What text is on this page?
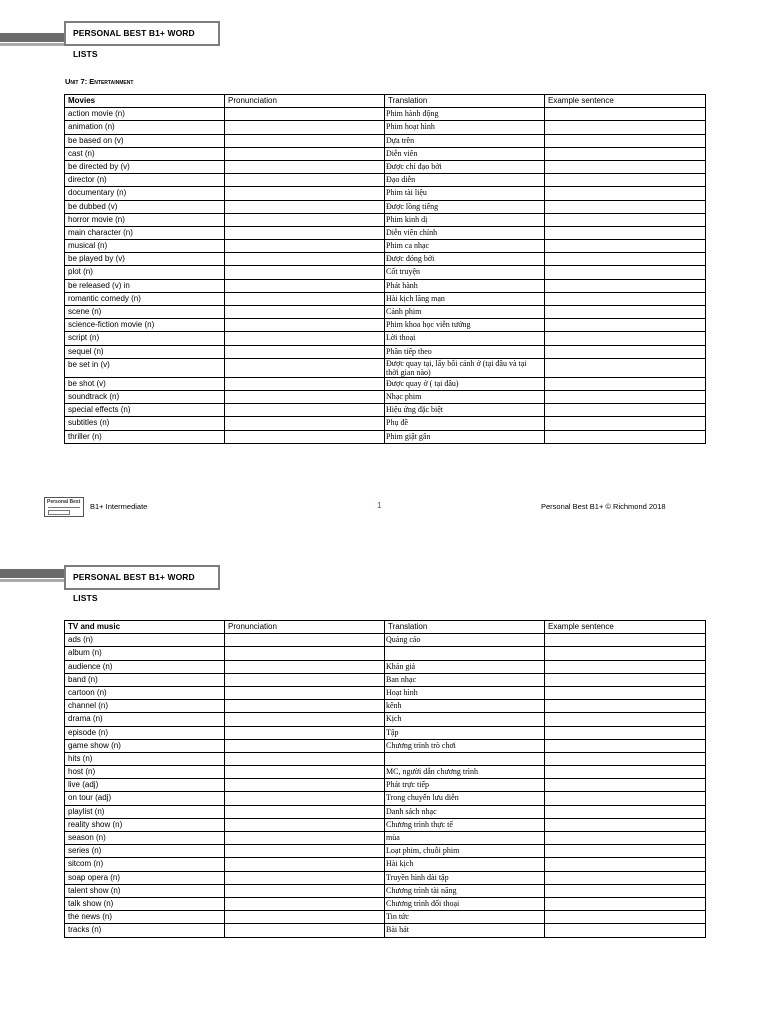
PERSONAL BEST B1+ WORD LISTS
Unit 7: Entertainment
Movies	Pronunciation	Translation	Example sentence
action movie (n)		Phim hành động	
animation (n)		Phim hoạt hình	
be based on (v)		Dựa trên	
cast (n)		Diễn viên	
be directed by (v)		Được chỉ đạo bởi	
director (n)		Đạo diễn	
documentary (n)		Phim tài liệu	
be dubbed (v)		Được lồng tiếng	
horror movie (n)		Phim kinh dị	
main character (n)		Diễn viên chính	
musical (n)		Phim ca nhạc	
be played by (v)		Được đóng bởi	
plot (n)		Cốt truyện	
be released (v) in		Phát hành	
romantic comedy (n)		Hài kịch lãng mạn	
scene (n)		Cảnh phim	
science-fiction movie (n)		Phim khoa học viễn tưởng	
script (n)		Lời thoại	
sequel (n)		Phần tiếp theo	
be set in (v)		Được quay tại, lấy bối cảnh ở (tại đâu và tại thời gian nào)	
be shot (v)		Được quay ở ( tại đâu)	
soundtrack (n)		Nhạc phim	
special effects (n)		Hiệu ứng đặc biệt	
subtitles (n)		Phụ đề	
thriller (n)		Phim giật gân	
Personal Best B1+ Intermediate	1	Personal Best B1+ © Richmond 2018
PERSONAL BEST B1+ WORD LISTS
TV and music	Pronunciation	Translation	Example sentence
ads (n)		Quảng cáo	
album (n)			
audience (n)		Khán giả	
band (n)		Ban nhạc	
cartoon (n)		Hoạt hình	
channel (n)		kênh	
drama (n)		Kịch	
episode (n)		Tập	
game show (n)		Chương trình trò chơi	
hits (n)			
host (n)		MC, người dẫn chương trình	
live (adj)		Phát trực tiếp	
on tour (adj)		Trong chuyến lưu diễn	
playlist (n)		Danh sách nhạc	
reality show (n)		Chương trình thực tế	
season (n)		mùa	
series (n)		Loạt phim, chuỗi phim	
sitcom (n)		Hài kịch	
soap opera (n)		Truyền hình dài tập	
talent show (n)		Chương trình tài năng	
talk show (n)		Chương trình đối thoại	
the news (n)		Tin tức	
tracks (n)		Bài hát	
